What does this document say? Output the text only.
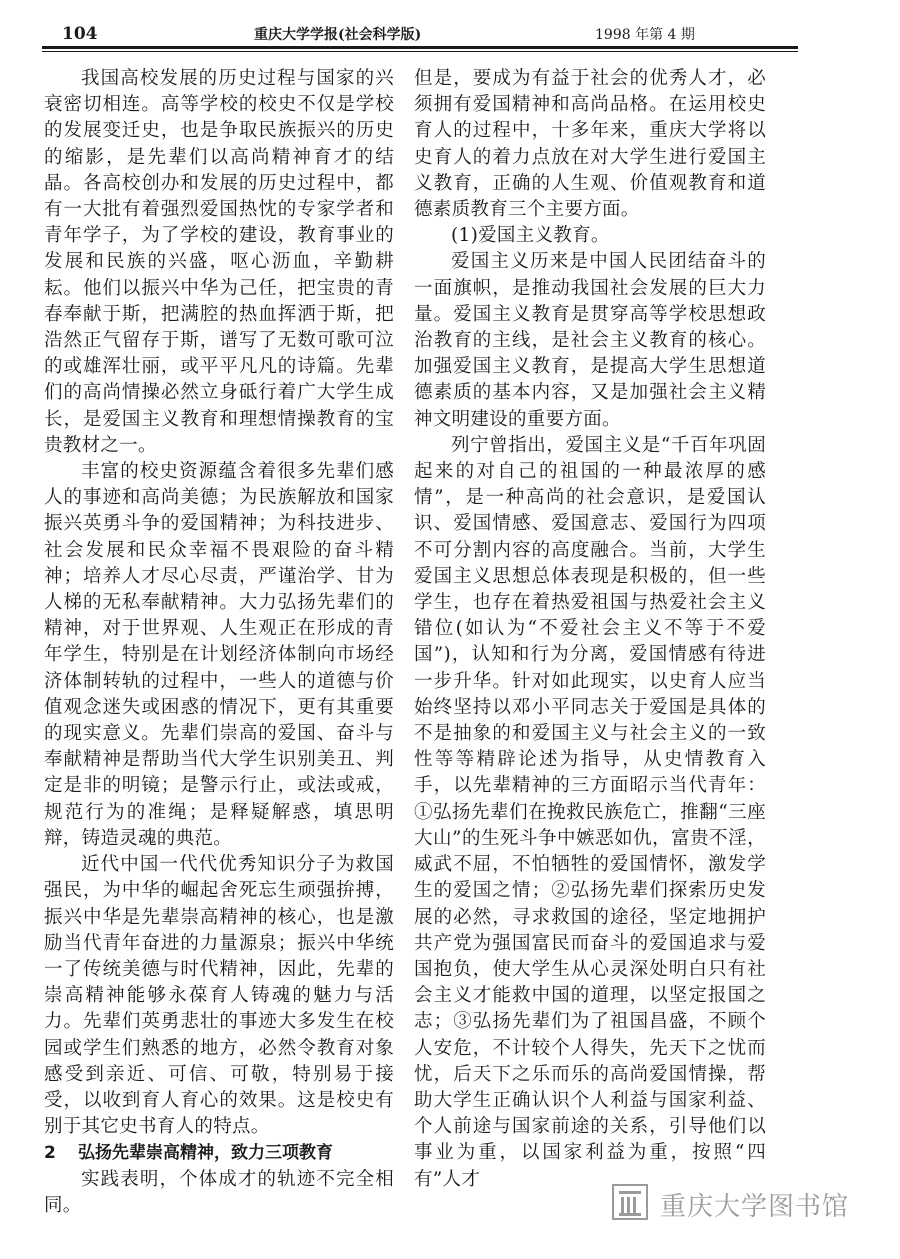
104	重庆大学学报(社会科学版)	1998 年第 4 期

我国高校发展的历史过程与国家的兴衰密切相连。高等学校的校史不仅是学校的发展变迁史，也是争取民族振兴的历史的缩影，是先辈们以高尚精神育才的结晶。各高校创办和发展的历史过程中，都有一大批有着强烈爱国热忱的专家学者和青年学子，为了学校的建设，教育事业的发展和民族的兴盛，呕心沥血，辛勤耕耘。他们以振兴中华为己任，把宝贵的青春奉献于斯，把满腔的热血挥洒于斯，把浩然正气留存于斯，谱写了无数可歌可泣的或雄浑壮丽，或平平凡凡的诗篇。先辈们的高尚情操必然立身砥行着广大学生成长，是爱国主义教育和理想情操教育的宝贵教材之一。

丰富的校史资源蕴含着很多先辈们感人的事迹和高尚美德；为民族解放和国家振兴英勇斗争的爱国精神；为科技进步、社会发展和民众幸福不畏艰险的奋斗精神；培养人才尽心尽责，严谨治学、甘为人梯的无私奉献精神。大力弘扬先辈们的精神，对于世界观、人生观正在形成的青年学生，特别是在计划经济体制向市场经济体制转轨的过程中，一些人的道德与价值观念迷失或困惑的情况下，更有其重要的现实意义。先辈们崇高的爱国、奋斗与奉献精神是帮助当代大学生识别美丑、判定是非的明镜；是警示行止，或法或戒，规范行为的准绳；是释疑解惑，填思明辩，铸造灵魂的典范。

近代中国一代代优秀知识分子为救国强民，为中华的崛起舍死忘生顽强拚搏，振兴中华是先辈崇高精神的核心，也是激励当代青年奋进的力量源泉；振兴中华统一了传统美德与时代精神，因此，先辈的崇高精神能够永葆育人铸魂的魅力与活力。先辈们英勇悲壮的事迹大多发生在校园或学生们熟悉的地方，必然令教育对象感受到亲近、可信、可敬，特别易于接受，以收到育人育心的效果。这是校史有别于其它史书育人的特点。

2 弘扬先辈崇高精神，致力三项教育

实践表明，个体成才的轨迹不完全相同。

但是，要成为有益于社会的优秀人才，必须拥有爱国精神和高尚品格。在运用校史育人的过程中，十多年来，重庆大学将以史育人的着力点放在对大学生进行爱国主义教育，正确的人生观、价值观教育和道德素质教育三个主要方面。

(1)爱国主义教育。

爱国主义历来是中国人民团结奋斗的一面旗帜，是推动我国社会发展的巨大力量。爱国主义教育是贯穿高等学校思想政治教育的主线，是社会主义教育的核心。加强爱国主义教育，是提高大学生思想道德素质的基本内容，又是加强社会主义精神文明建设的重要方面。

列宁曾指出，爱国主义是“千百年巩固起来的对自己的祖国的一种最浓厚的感情”，是一种高尚的社会意识，是爱国认识、爱国情感、爱国意志、爱国行为四项不可分割内容的高度融合。当前，大学生爱国主义思想总体表现是积极的，但一些学生，也存在着热爱祖国与热爱社会主义错位(如认为“不爱社会主义不等于不爱国”)，认知和行为分离，爱国情感有待进一步升华。针对如此现实，以史育人应当始终坚持以邓小平同志关于爱国是具体的不是抽象的和爱国主义与社会主义的一致性等等精辟论述为指导，从史情教育入手，以先辈精神的三方面昭示当代青年：①弘扬先辈们在挽救民族危亡，推翻“三座大山”的生死斗争中嫉恶如仇，富贵不淫，威武不屈，不怕牺牲的爱国情怀，激发学生的爱国之情；②弘扬先辈们探索历史发展的必然，寻求救国的途径，坚定地拥护共产党为强国富民而奋斗的爱国追求与爱国抱负，使大学生从心灵深处明白只有社会主义才能救中国的道理，以坚定报国之志；③弘扬先辈们为了祖国昌盛，不顾个人安危，不计较个人得失，先天下之忧而忧，后天下之乐而乐的高尚爱国情操，帮助大学生正确认识个人利益与国家利益、个人前途与国家前途的关系，引导他们以事业为重，以国家利益为重，按照“四有”人才

重庆大学图书馆
